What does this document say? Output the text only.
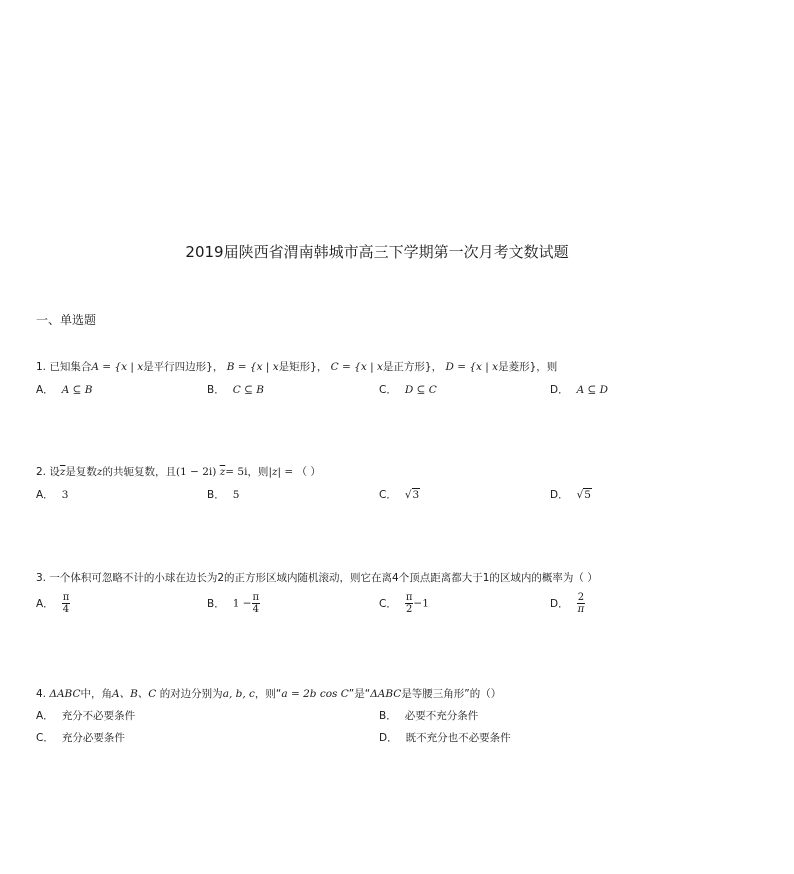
2019届陕西省渭南韩城市高三下学期第一次月考文数试题
一、单选题
1. 已知集合A = {x | x是平行四边形}， B = {x | x是矩形}， C = {x | x是正方形}， D = {x | x是菱形}，则
A． A ⊆ B	B． C ⊆ B	C． D ⊆ C	D． A ⊆ D
2. 设$\overline{z}$是复数z的共轭复数，且(1 − 2i) $\overline{z}= 5i$，则|z| = （ ）
A． 3	B． 5	C． √3	D． √5
3. 一个体积可忽略不计的小球在边长为2的正方形区域内随机滚动，则它在离4个顶点距离都大于1的区域内的概率为（ ）
A． $\frac{\pi}{4}$	B． $1 - \frac{\pi}{4}$	C． $\frac{\pi}{2} -1$	D． $\frac{2}{\pi}$
4. ΔABC中，角A、B、C 的对边分别为a, b, c，则“a = 2b cos C”是“ΔABC是等腰三角形”的（）
A． 充分不必要条件	B． 必要不充分条件
C． 充分必要条件	D． 既不充分也不必要条件
